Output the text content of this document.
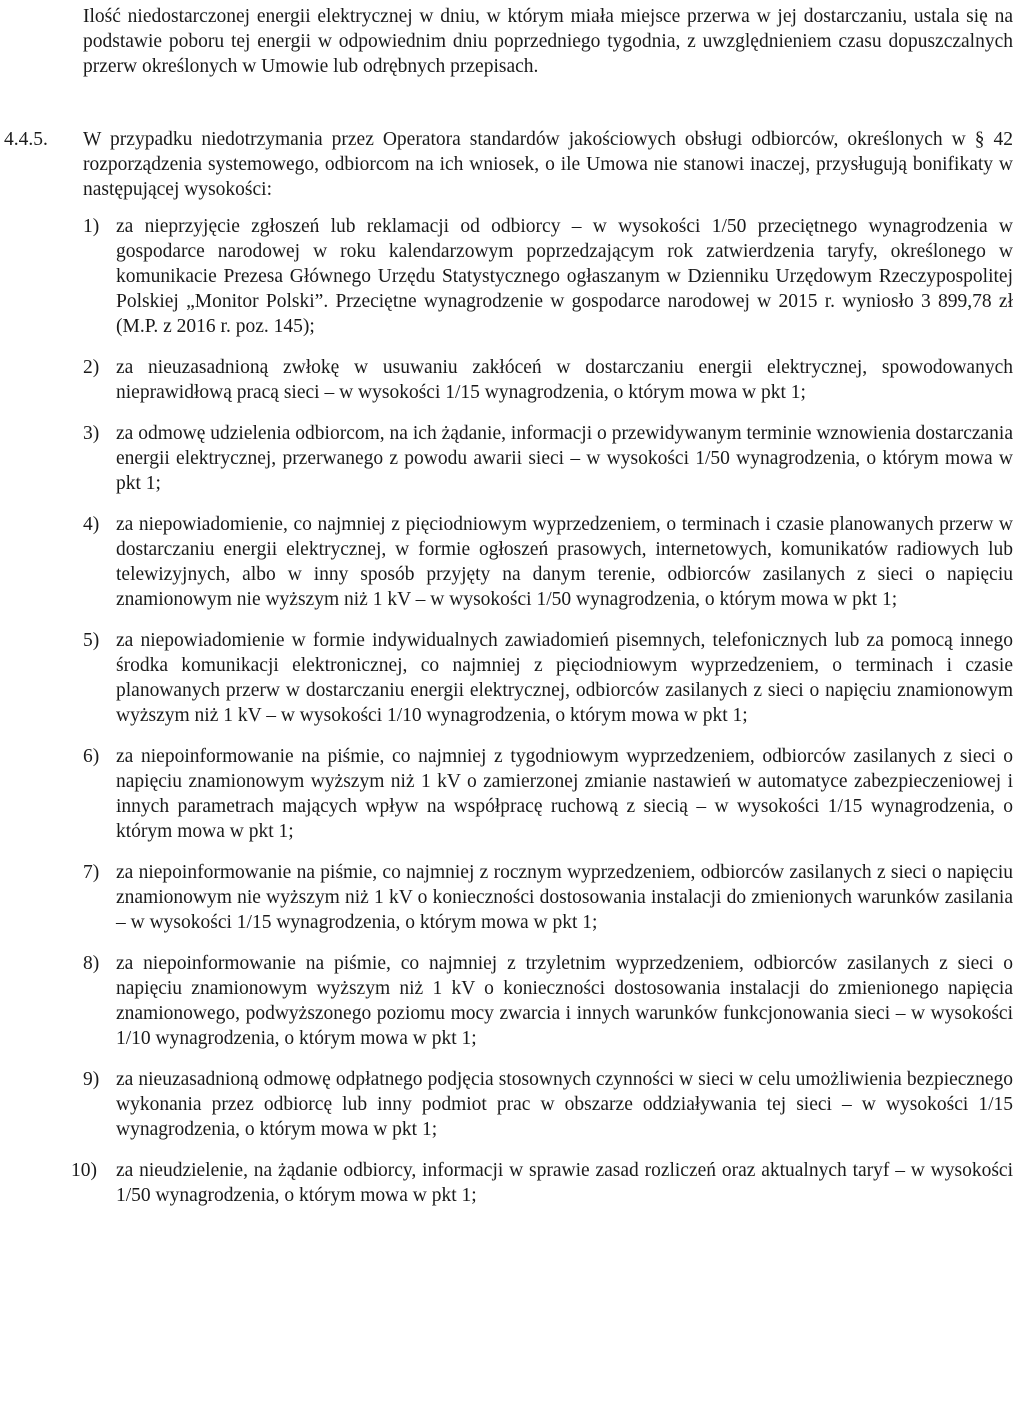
Ilość niedostarczonej energii elektrycznej w dniu, w którym miała miejsce przerwa w jej dostarczaniu, ustala się na podstawie poboru tej energii w odpowiednim dniu poprzedniego tygodnia, z uwzględnieniem czasu dopuszczalnych przerw określonych w Umowie lub odrębnych przepisach.

4.4.5.	W przypadku niedotrzymania przez Operatora standardów jakościowych obsługi odbiorców, określonych w § 42 rozporządzenia systemowego, odbiorcom na ich wniosek, o ile Umowa nie stanowi inaczej, przysługują bonifikaty w następującej wysokości:

1) za nieprzyjęcie zgłoszeń lub reklamacji od odbiorcy – w wysokości 1/50 przeciętnego wynagrodzenia w gospodarce narodowej w roku kalendarzowym poprzedzającym rok zatwierdzenia taryfy, określonego w komunikacie Prezesa Głównego Urzędu Statystycznego ogłaszanym w Dzienniku Urzędowym Rzeczypospolitej Polskiej „Monitor Polski”. Przeciętne wynagrodzenie w gospodarce narodowej w 2015 r. wyniosło 3 899,78 zł (M.P. z 2016 r. poz. 145);

2) za nieuzasadnioną zwłokę w usuwaniu zakłóceń w dostarczaniu energii elektrycznej, spowodowanych nieprawidłową pracą sieci – w wysokości 1/15 wynagrodzenia, o którym mowa w pkt 1;

3) za odmowę udzielenia odbiorcom, na ich żądanie, informacji o przewidywanym terminie wznowienia dostarczania energii elektrycznej, przerwanego z powodu awarii sieci – w wysokości 1/50 wynagrodzenia, o którym mowa w pkt 1;

4) za niepowiadomienie, co najmniej z pięciodniowym wyprzedzeniem, o terminach i czasie planowanych przerw w dostarczaniu energii elektrycznej, w formie ogłoszeń prasowych, internetowych, komunikatów radiowych lub telewizyjnych, albo w inny sposób przyjęty na danym terenie, odbiorców zasilanych z sieci o napięciu znamionowym nie wyższym niż 1 kV – w wysokości 1/50 wynagrodzenia, o którym mowa w pkt 1;

5) za niepowiadomienie w formie indywidualnych zawiadomień pisemnych, telefonicznych lub za pomocą innego środka komunikacji elektronicznej, co najmniej z pięciodniowym wyprzedzeniem, o terminach i czasie planowanych przerw w dostarczaniu energii elektrycznej, odbiorców zasilanych z sieci o napięciu znamionowym wyższym niż 1 kV – w wysokości 1/10 wynagrodzenia, o którym mowa w pkt 1;

6) za niepoinformowanie na piśmie, co najmniej z tygodniowym wyprzedzeniem, odbiorców zasilanych z sieci o napięciu znamionowym wyższym niż 1 kV o zamierzonej zmianie nastawień w automatyce zabezpieczeniowej i innych parametrach mających wpływ na współpracę ruchową z siecią – w wysokości 1/15 wynagrodzenia, o którym mowa w pkt 1;

7) za niepoinformowanie na piśmie, co najmniej z rocznym wyprzedzeniem, odbiorców zasilanych z sieci o napięciu znamionowym nie wyższym niż 1 kV o konieczności dostosowania instalacji do zmienionych warunków zasilania – w wysokości 1/15 wynagrodzenia, o którym mowa w pkt 1;

8) za niepoinformowanie na piśmie, co najmniej z trzyletnim wyprzedzeniem, odbiorców zasilanych z sieci o napięciu znamionowym wyższym niż 1 kV o konieczności dostosowania instalacji do zmienionego napięcia znamionowego, podwyższonego poziomu mocy zwarcia i innych warunków funkcjonowania sieci – w wysokości 1/10 wynagrodzenia, o którym mowa w pkt 1;

9) za nieuzasadnioną odmowę odpłatnego podjęcia stosownych czynności w sieci w celu umożliwienia bezpiecznego wykonania przez odbiorcę lub inny podmiot prac w obszarze oddziaływania tej sieci – w wysokości 1/15 wynagrodzenia, o którym mowa w pkt 1;

10) za nieudzielenie, na żądanie odbiorcy, informacji w sprawie zasad rozliczeń oraz aktualnych taryf – w wysokości 1/50 wynagrodzenia, o którym mowa w pkt 1;
